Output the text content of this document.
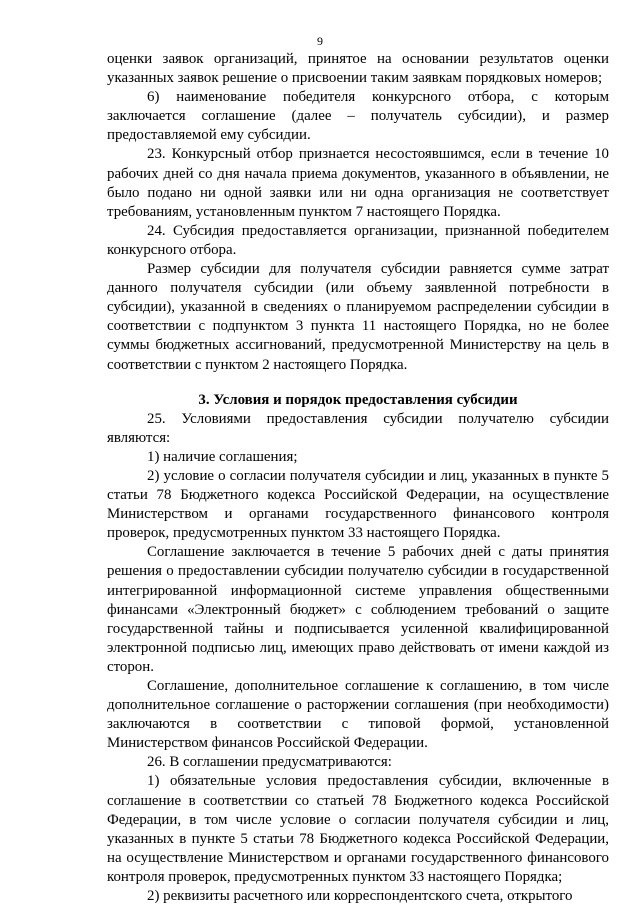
9

оценки заявок организаций, принятое на основании результатов оценки указанных заявок решение о присвоении таким заявкам порядковых номеров;

6) наименование победителя конкурсного отбора, с которым заключается соглашение (далее – получатель субсидии), и размер предоставляемой ему субсидии.

23. Конкурсный отбор признается несостоявшимся, если в течение 10 рабочих дней со дня начала приема документов, указанного в объявлении, не было подано ни одной заявки или ни одна организация не соответствует требованиям, установленным пунктом 7 настоящего Порядка.

24. Субсидия предоставляется организации, признанной победителем конкурсного отбора.

Размер субсидии для получателя субсидии равняется сумме затрат данного получателя субсидии (или объему заявленной потребности в субсидии), указанной в сведениях о планируемом распределении субсидии в соответствии с подпунктом 3 пункта 11 настоящего Порядка, но не более суммы бюджетных ассигнований, предусмотренной Министерству на цель в соответствии с пунктом 2 настоящего Порядка.

3. Условия и порядок предоставления субсидии

25. Условиями предоставления субсидии получателю субсидии являются:

1) наличие соглашения;

2) условие о согласии получателя субсидии и лиц, указанных в пункте 5 статьи 78 Бюджетного кодекса Российской Федерации, на осуществление Министерством и органами государственного финансового контроля проверок, предусмотренных пунктом 33 настоящего Порядка.

Соглашение заключается в течение 5 рабочих дней с даты принятия решения о предоставлении субсидии получателю субсидии в государственной интегрированной информационной системе управления общественными финансами «Электронный бюджет» с соблюдением требований о защите государственной тайны и подписывается усиленной квалифицированной электронной подписью лиц, имеющих право действовать от имени каждой из сторон.

Соглашение, дополнительное соглашение к соглашению, в том числе дополнительное соглашение о расторжении соглашения (при необходимости) заключаются в соответствии с типовой формой, установленной Министерством финансов Российской Федерации.

26. В соглашении предусматриваются:

1) обязательные условия предоставления субсидии, включенные в соглашение в соответствии со статьей 78 Бюджетного кодекса Российской Федерации, в том числе условие о согласии получателя субсидии и лиц, указанных в пункте 5 статьи 78 Бюджетного кодекса Российской Федерации, на осуществление Министерством и органами государственного финансового контроля проверок, предусмотренных пунктом 33 настоящего Порядка;

2) реквизиты расчетного или корреспондентского счета, открытого
